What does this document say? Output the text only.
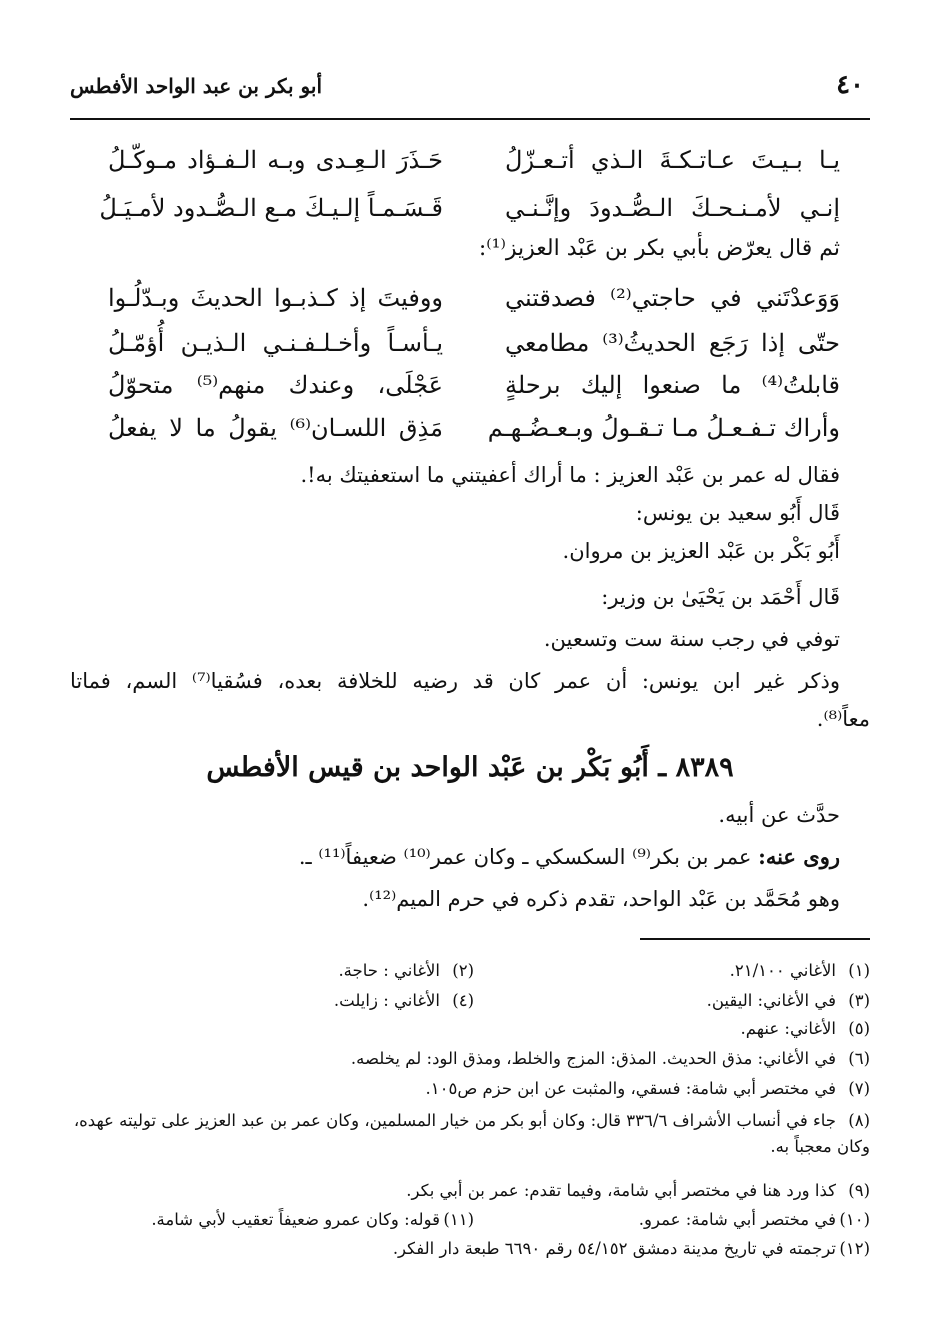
٤٠
أبو بكر بن عبد الواحد الأفطس
يـا بـيـتَ عـاتـكـةَ الـذي أتـعـزّلُ
حَـذَرَ الـعِـدى وبـه الـفـؤاد مـوكّـلُ
إنـي لأمـنـحـكَ الـصُّـدودَ وإنَّـنـي
قَـسَـمـاً إلـيـكَ مـع الـصُّـدود لأمـيَـلُ
ثم قال يعرّض بأبي بكر بن عَبْد العزيز⁽¹⁾:
وَوَعدْتَني في حاجتي⁽²⁾ فصدقتني
ووفيتَ إذ كـذبـوا الحديثَ وبـدّلُـوا
حتّى إذا رَجَع الحديثُ⁽³⁾ مطامعي
يـأسـاً وأخـلـفـنـي الـذيـن أُؤمّـلُ
قابلتُ⁽⁴⁾ ما صنعوا إليك برحلةٍ
عَجْلَى، وعندك منهم⁽⁵⁾ متحوّلُ
وأراك تـفـعـلُ مـا تـقـولُ وبـعـضُـهـم
مَذِق اللسـان⁽⁶⁾ يقولُ ما لا يفعلُ
فقال له عمر بن عَبْد العزيز : ما أراك أعفيتني ما استعفيتك به!.
قَال أَبُو سعيد بن يونس:
أَبُو بَكْر بن عَبْد العزيز بن مروان.
قَال أَحْمَد بن يَحْيَىٰ بن وزير:
توفي في رجب سنة ست وتسعين.
وذكر غير ابن يونس: أن عمر كان قد رضيه للخلافة بعده، فسُقيا⁽⁷⁾ السم، فماتا
معاً⁽⁸⁾.
٨٣٨٩ ـ أَبُو بَكْر بن عَبْد الواحد بن قيس الأفطس
حدَّث عن أبيه.
روى عنه: عمر بن بكر⁽⁹⁾ السكسكي ـ وكان عمر⁽¹⁰⁾ ضعيفاً⁽¹¹⁾ ـ.
وهو مُحَمَّد بن عَبْد الواحد، تقدم ذكره في حرم الميم⁽¹²⁾.
(١)الأغاني ٢١/١٠٠.
(٢)الأغاني : حاجة.
(٣)في الأغاني: اليقين.
(٤)الأغاني : زايلت.
(٥)الأغاني: عنهم.
(٦)في الأغاني: مذق الحديث. المذق: المزج والخلط، ومذق الود: لم يخلصه.
(٧)في مختصر أبي شامة: فسقي، والمثبت عن ابن حزم ص١٠٥.
(٨)جاء في أنساب الأشراف ٣٣٦/٦ قال: وكان أبو بكر من خيار المسلمين، وكان عمر بن عبد العزيز على توليته عهده، وكان معجباً به.
(٩)كذا ورد هنا في مختصر أبي شامة، وفيما تقدم: عمر بن أبي بكر.
(١٠)في مختصر أبي شامة: عمرو.
(١١)قوله: وكان عمرو ضعيفاً تعقيب لأبي شامة.
(١٢)ترجمته في تاريخ مدينة دمشق ٥٤/١٥٢ رقم ٦٦٩٠ طبعة دار الفكر.
